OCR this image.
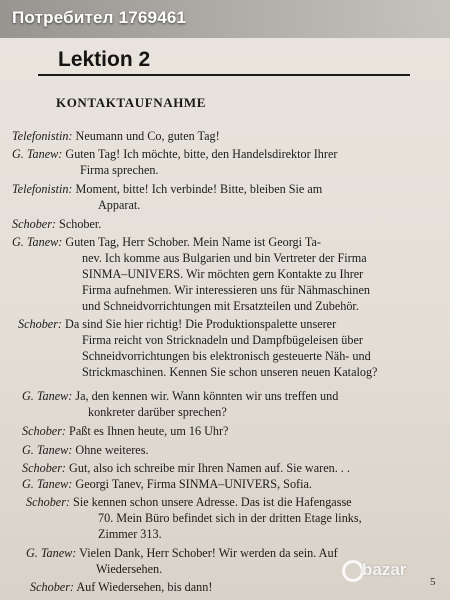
Потребител 1769461
Lektion 2
KONTAKTAUFNAHME
Telefonistin: Neumann und Co, guten Tag!
G. Tanew: Guten Tag! Ich möchte, bitte, den Handelsdirektor Ihrer
Firma sprechen.
Telefonistin: Moment, bitte! Ich verbinde! Bitte, bleiben Sie am
Apparat.
Schober: Schober.
G. Tanew: Guten Tag, Herr Schober. Mein Name ist Georgi Ta-
nev. Ich komme aus Bulgarien und bin Vertreter der Firma
SINMA–UNIVERS. Wir möchten gern Kontakte zu Ihrer
Firma aufnehmen. Wir interessieren uns für Nähmaschinen
und Schneidvorrichtungen mit Ersatzteilen und Zubehör.
Schober: Da sind Sie hier richtig! Die Produktionspalette unserer
Firma reicht von Stricknadeln und Dampfbügeleisen über
Schneidvorrichtungen bis elektronisch gesteuerte Näh- und
Strickmaschinen. Kennen Sie schon unseren neuen Katalog?
G. Tanew: Ja, den kennen wir. Wann könnten wir uns treffen und
konkreter darüber sprechen?
Schober: Paßt es Ihnen heute, um 16 Uhr?
G. Tanew: Ohne weiteres.
Schober: Gut, also ich schreibe mir Ihren Namen auf. Sie waren. . .
G. Tanew: Georgi Tanev, Firma SINMA–UNIVERS, Sofia.
Schober: Sie kennen schon unsere Adresse. Das ist die Hafengasse
70. Mein Büro befindet sich in der dritten Etage links,
Zimmer 313.
G. Tanew: Vielen Dank, Herr Schober! Wir werden da sein. Auf
Wiedersehen.
Schober: Auf Wiedersehen, bis dann!
bazar
5
